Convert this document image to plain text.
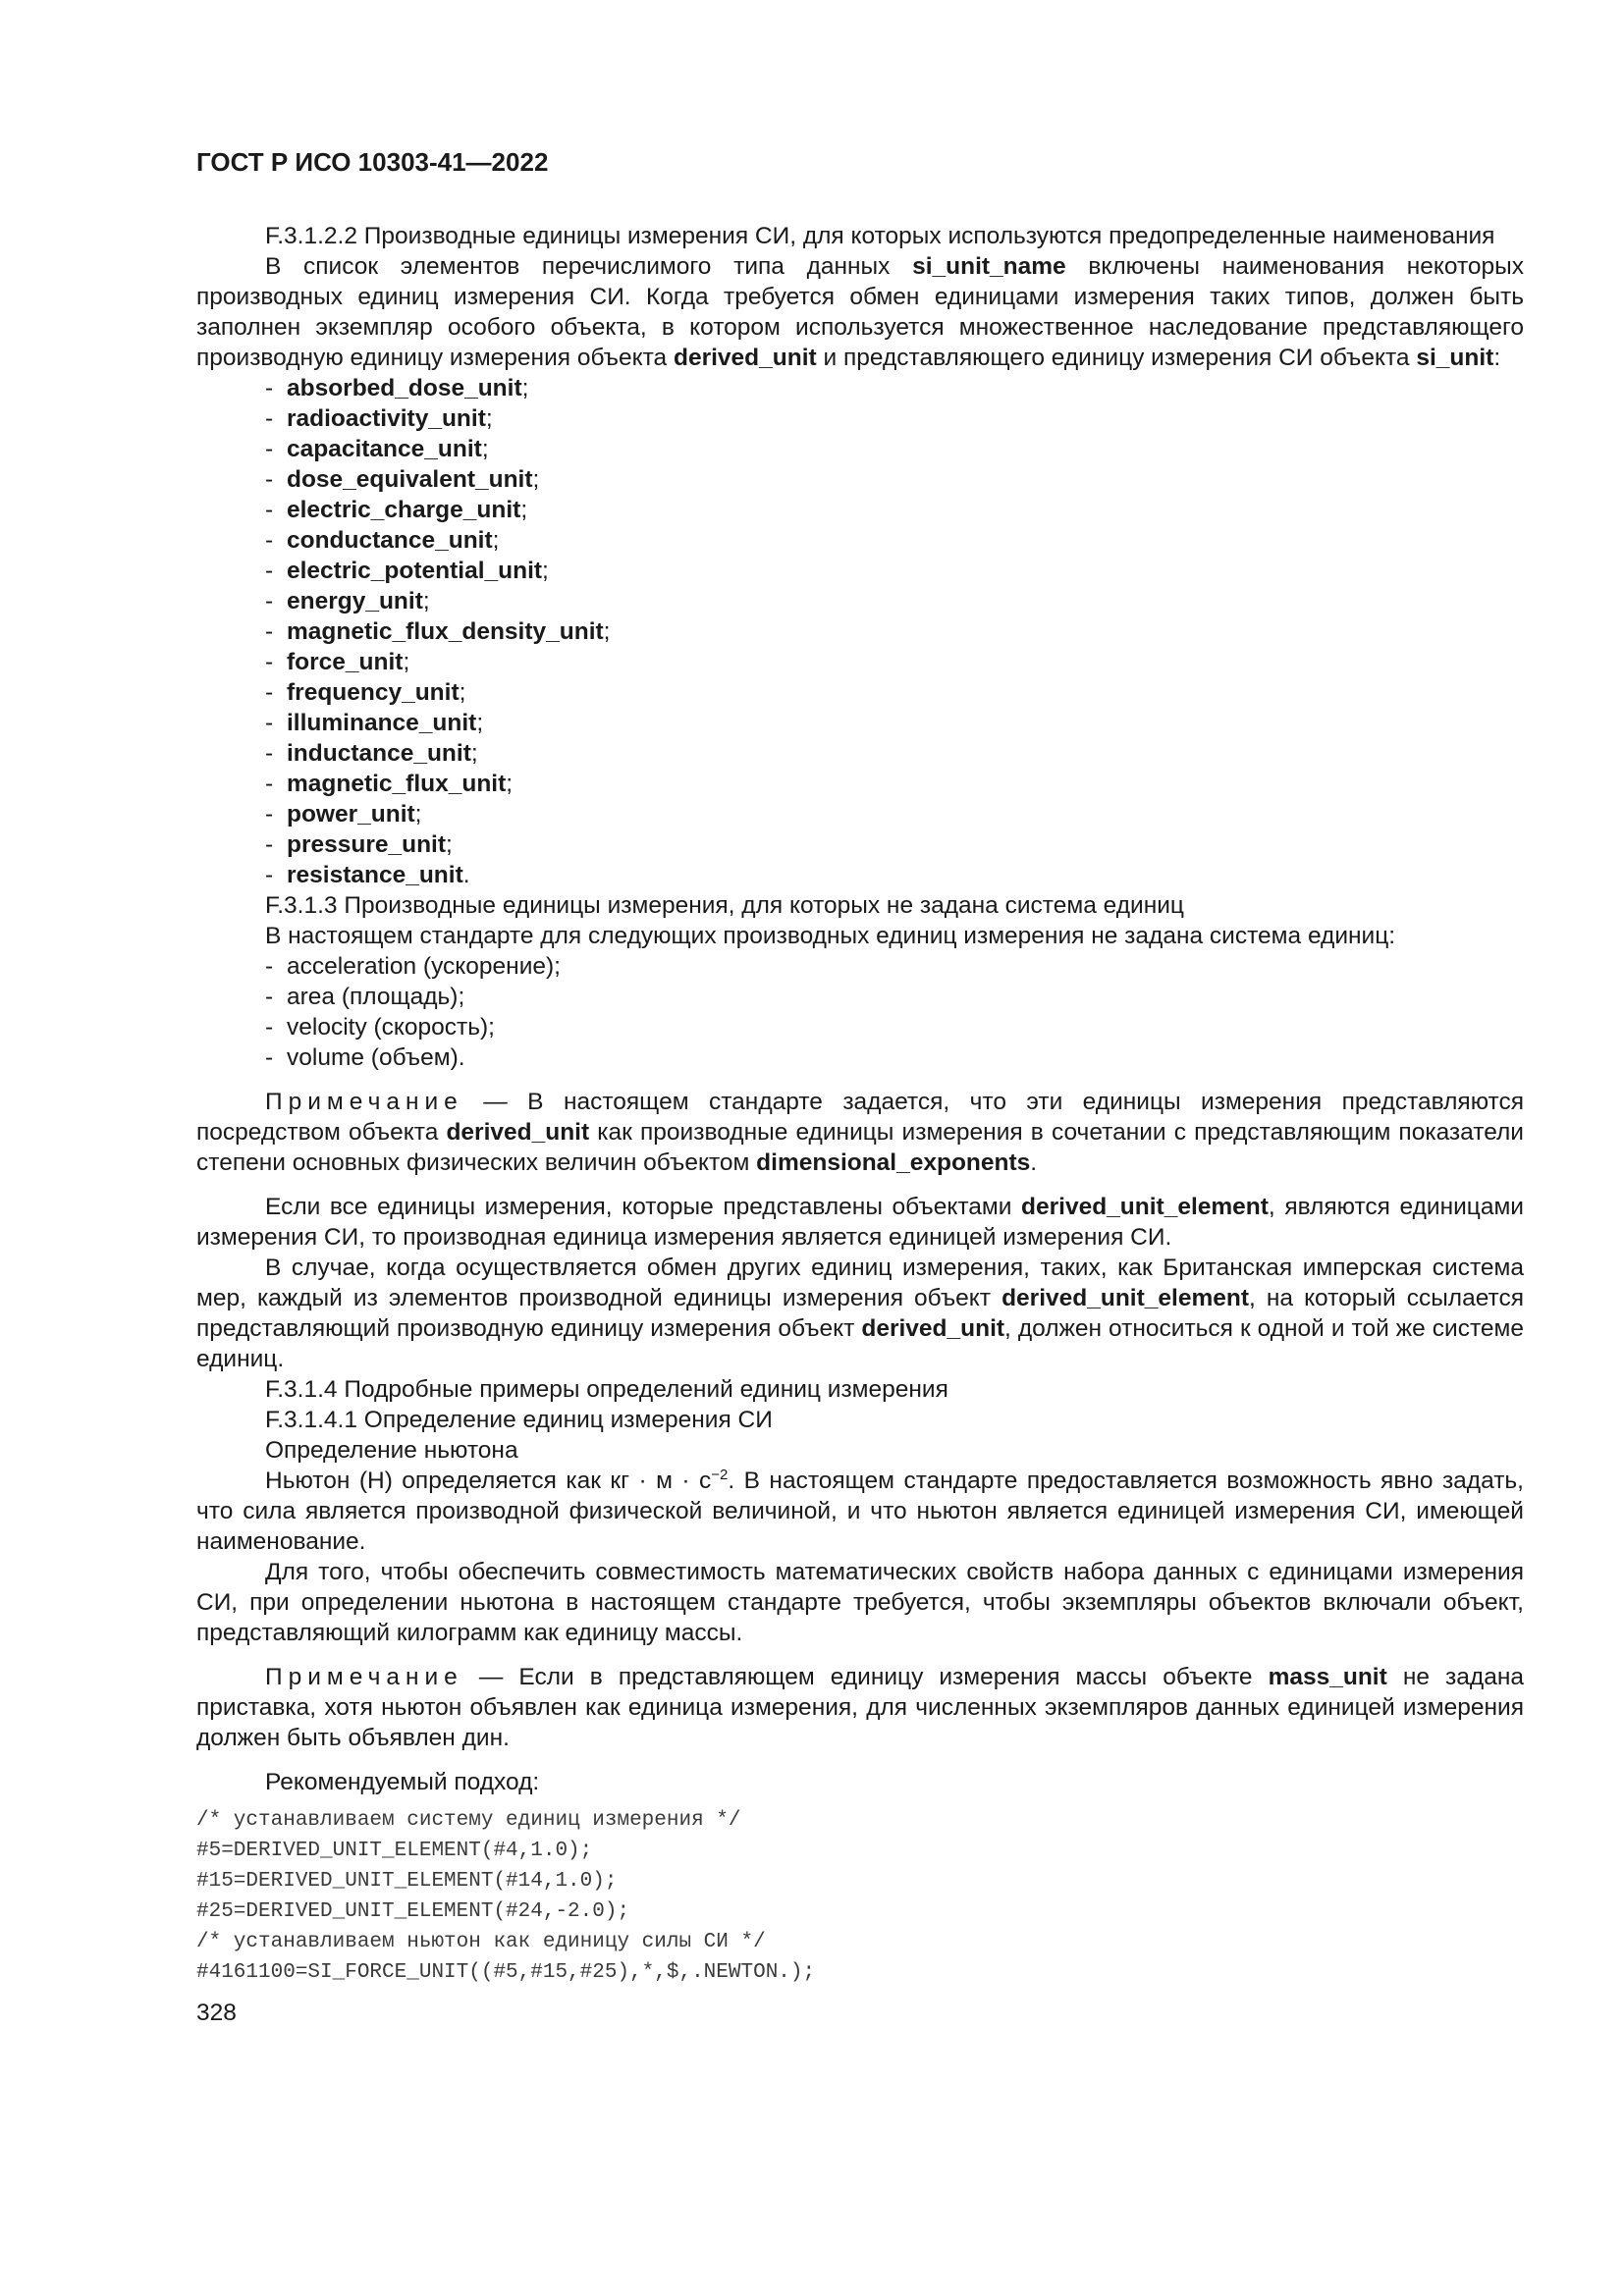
ГОСТ Р ИСО 10303-41—2022

F.3.1.2.2 Производные единицы измерения СИ, для которых используются предопределенные наименования

В список элементов перечислимого типа данных si_unit_name включены наименования некоторых производных единиц измерения СИ. Когда требуется обмен единицами измерения таких типов, должен быть заполнен экземпляр особого объекта, в котором используется множественное наследование представляющего производную единицу измерения объекта derived_unit и представляющего единицу измерения СИ объекта si_unit:

- absorbed_dose_unit;
- radioactivity_unit;
- capacitance_unit;
- dose_equivalent_unit;
- electric_charge_unit;
- conductance_unit;
- electric_potential_unit;
- energy_unit;
- magnetic_flux_density_unit;
- force_unit;
- frequency_unit;
- illuminance_unit;
- inductance_unit;
- magnetic_flux_unit;
- power_unit;
- pressure_unit;
- resistance_unit.

F.3.1.3 Производные единицы измерения, для которых не задана система единиц

В настоящем стандарте для следующих производных единиц измерения не задана система единиц:

- acceleration (ускорение);
- area (площадь);
- velocity (скорость);
- volume (объем).

Примечание — В настоящем стандарте задается, что эти единицы измерения представляются посредством объекта derived_unit как производные единицы измерения в сочетании с представляющим показатели степени основных физических величин объектом dimensional_exponents.

Если все единицы измерения, которые представлены объектами derived_unit_element, являются единицами измерения СИ, то производная единица измерения является единицей измерения СИ.

В случае, когда осуществляется обмен других единиц измерения, таких, как Британская имперская система мер, каждый из элементов производной единицы измерения объект derived_unit_element, на который ссылается представляющий производную единицу измерения объект derived_unit, должен относиться к одной и той же системе единиц.

F.3.1.4 Подробные примеры определений единиц измерения

F.3.1.4.1 Определение единиц измерения СИ

Определение ньютона

Ньютон (Н) определяется как кг · $м \cdot с^{-2}$. В настоящем стандарте предоставляется возможность явно задать, что сила является производной физической величиной, и что ньютон является единицей измерения СИ, имеющей наименование.

Для того, чтобы обеспечить совместимость математических свойств набора данных с единицами измерения СИ, при определении ньютона в настоящем стандарте требуется, чтобы экземпляры объектов включали объект, представляющий килограмм как единицу массы.

Примечание — Если в представляющем единицу измерения массы объекте mass_unit не задана приставка, хотя ньютон объявлен как единица измерения, для численных экземпляров данных единицей измерения должен быть объявлен дин.

Рекомендуемый подход:

/* устанавливаем систему единиц измерения */
#5=DERIVED_UNIT_ELEMENT(#4,1.0);
#15=DERIVED_UNIT_ELEMENT(#14,1.0);
#25=DERIVED_UNIT_ELEMENT(#24,-2.0);
/* устанавливаем ньютон как единицу силы СИ */
#4161100=SI_FORCE_UNIT((#5,#15,#25),*,$,.NEWTON.);
328
